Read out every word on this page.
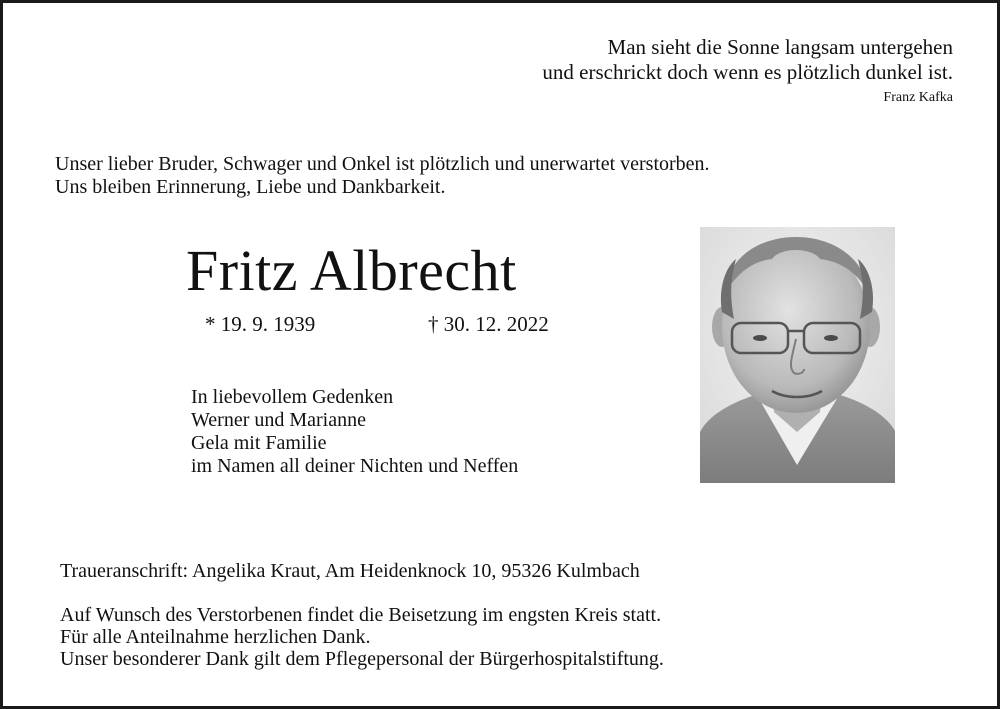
Man sieht die Sonne langsam untergehen
und erschrickt doch wenn es plötzlich dunkel ist.
Franz Kafka
Unser lieber Bruder, Schwager und Onkel ist plötzlich und unerwartet verstorben.
Uns bleiben Erinnerung, Liebe und Dankbarkeit.
Fritz Albrecht
* 19. 9. 1939	† 30. 12. 2022
In liebevollem Gedenken
Werner und Marianne
Gela mit Familie
im Namen all deiner Nichten und Neffen
Traueranschrift: Angelika Kraut, Am Heidenknock 10, 95326 Kulmbach
Auf Wunsch des Verstorbenen findet die Beisetzung im engsten Kreis statt.
Für alle Anteilnahme herzlichen Dank.
Unser besonderer Dank gilt dem Pflegepersonal der Bürgerhospitalstiftung.
